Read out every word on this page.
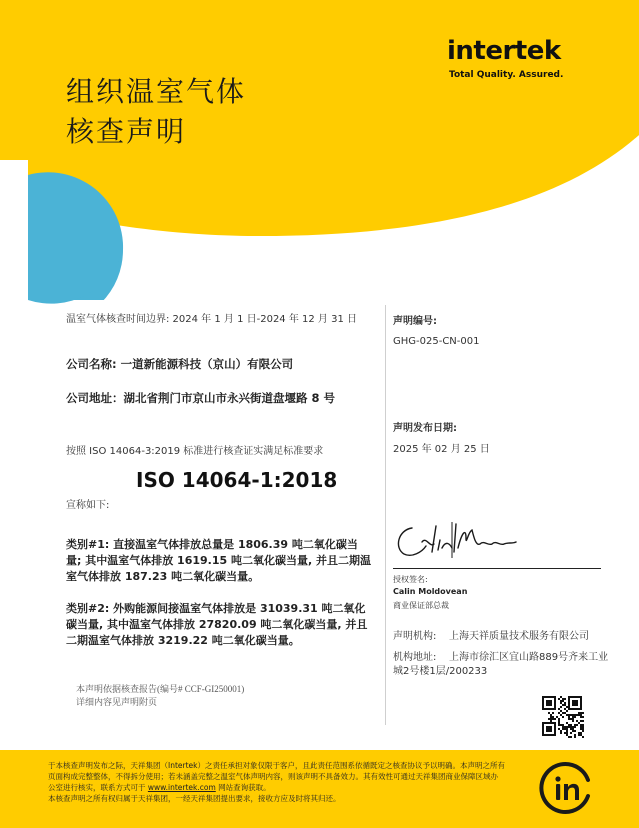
intertek
Total Quality. Assured.
组织温室气体
核查声明
温室气体核查时间边界: 2024 年 1 月 1 日-2024 年 12 月 31 日
公司名称: 一道新能源科技（京山）有限公司
公司地址：湖北省荆门市京山市永兴街道盘堰路 8 号
按照 ISO 14064-3:2019 标准进行核查证实满足标准要求
ISO 14064-1:2018
宣称如下:
类别#1: 直接温室气体排放总量是 1806.39 吨二氧化碳当量; 其中温室气体排放 1619.15 吨二氧化碳当量, 并且二期温室气体排放 187.23 吨二氧化碳当量。
类别#2: 外购能源间接温室气体排放是 31039.31 吨二氧化碳当量, 其中温室气体排放 27820.09 吨二氧化碳当量, 并且二期温室气体排放 3219.22 吨二氧化碳当量。
本声明依据核查报告(编号# CCF-GI250001)
详细内容见声明附页
声明编号:
GHG-025-CN-001
声明发布日期:
2025 年 02 月 25 日
授权签名:
Calin Moldovean
商业保证部总裁
声明机构: 上海天祥质量技术服务有限公司
机构地址: 上海市徐汇区宜山路889号齐来工业
城2号楼1层/200233
于本核查声明发布之际，天祥集团（Intertek）之责任承担对象仅限于客户，且此责任范围系依循既定之核查协议予以明确。本声明之所有
页面构成完整整体，不得拆分使用；若未涵盖完整之温室气体声明内容，则该声明不具备效力。其有效性可通过天祥集团商业保障区域办
公室进行核实，联系方式可于 www.intertek.com 网站查询获取。
本核查声明之所有权归属于天祥集团，一经天祥集团提出要求，接收方应及时将其归还。
